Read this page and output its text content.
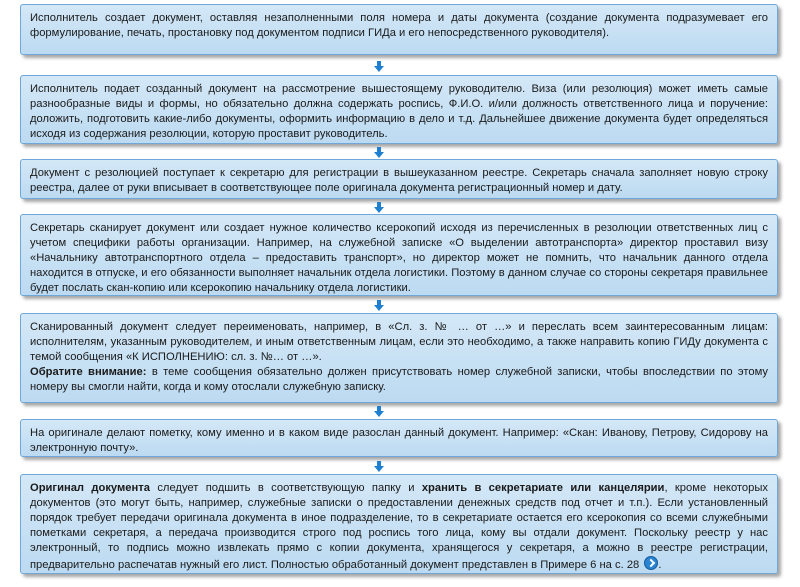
Исполнитель создает документ, оставляя незаполненными поля номера и даты документа (создание документа подразумевает его формулирование, печать, простановку под документом подписи ГИДа и его непосредственного руководителя).

Исполнитель подает созданный документ на рассмотрение вышестоящему руководителю. Виза (или резолюция) может иметь самые разнообразные виды и формы, но обязательно должна содержать роспись, Ф.И.О. и/или должность ответственного лица и поручение: доложить, подготовить какие-либо документы, оформить информацию в дело и т.д. Дальнейшее движение документа будет определяться исходя из содержания резолюции, которую проставит руководитель.

Документ с резолюцией поступает к секретарю для регистрации в вышеуказанном реестре. Секретарь сначала заполняет новую строку реестра, далее от руки вписывает в соответствующее поле оригинала документа регистрационный номер и дату.

Секретарь сканирует документ или создает нужное количество ксерокопий исходя из перечисленных в резолюции ответственных лиц с учетом специфики работы организации. Например, на служебной записке «О выделении автотранспорта» директор проставил визу «Начальнику автотранспортного отдела – предоставить транспорт», но директор может не помнить, что начальник данного отдела находится в отпуске, и его обязанности выполняет начальник отдела логистики. Поэтому в данном случае со стороны секретаря правильнее будет послать скан-копию или ксерокопию начальнику отдела логистики.

Сканированный документ следует переименовать, например, в «Сл. з. № … от …» и переслать всем заинтересованным лицам: исполнителям, указанным руководителем, и иным ответственным лицам, если это необходимо, а также направить копию ГИДу документа с темой сообщения «К ИСПОЛНЕНИЮ: сл. з. №… от …».

Обратите внимание: в теме сообщения обязательно должен присутствовать номер служебной записки, чтобы впоследствии по этому номеру вы смогли найти, когда и кому отослали служебную записку.

На оригинале делают пометку, кому именно и в каком виде разослан данный документ. Например: «Скан: Иванову, Петрову, Сидорову на электронную почту».

Оригинал документа следует подшить в соответствующую папку и хранить в секретариате или канцелярии, кроме некоторых документов (это могут быть, например, служебные записки о предоставлении денежных средств под отчет и т.п.). Если установленный порядок требует передачи оригинала документа в иное подразделение, то в секретариате остается его ксерокопия со всеми служебными пометками секретаря, а передача производится строго под роспись того лица, кому вы отдали документ. Поскольку реестр у нас электронный, то подпись можно извлекать прямо с копии документа, хранящегося у секретаря, а можно в реестре регистрации, предварительно распечатав нужный его лист. Полностью обработанный документ представлен в Примере 6 на с. 28 .
